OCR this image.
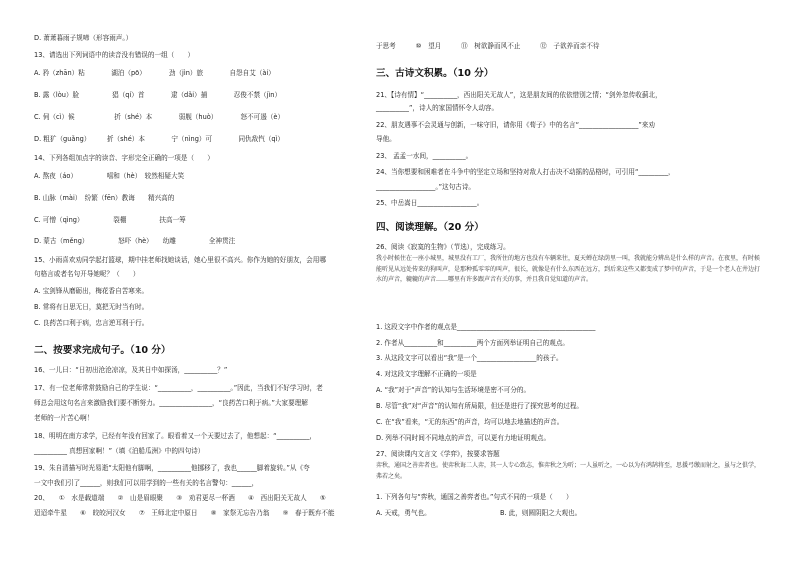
D. 萧萧暮雨子规啼（形容雨声。）
13、请选出下列词语中的读音没有错误的一组（　　）
A. 矜（zhān）粘　　　　湖泊（pō）　　　　劲（jìn）旅　　　　自怨自艾（ài）
B. 露（lòu）脸　　　　　猖（qí）首　　　　逮（dǎi）捕　　　　忍俊不禁（jìn）
C. 伺（cì）候　　　　　　折（shé）本　　　　弱舰（huò）　　　　怒不可遏（è）
D. 粗犷（guǎng）　　　折（shé）本　　　　宁（nìng）可　　　　同仇敌忾（qì）
14、下列各组加点字的读音、字形完全正确的一项是（　　）
A. 熬夜（áo）　　　　　嘻和（hè）　较然相疑大笑
B. 山脉（mài）　纷繁（fēn）教诲　　精兴高的
C. 可憎（qìng）　　　　　裂棚　　　　　扶高一筹
D. 蒙古（měng）　　　　　怒吓（hè）　　幼雕　　　　　全神贯注
15、小雨喜欢劝同学起打篮球，期中挂老师找她谈话，她心里很不高兴。你作为她的好朋友，会用哪
句格言或者名句开导她呢？（　　）
A. 宝剑锋从磨砺出，梅花香自苦寒来。
B. 常将有日思无日，莫把无时当有时。
C. 良药苦口利于病，忠言逆耳利于行。
二、按要求完成句子。（10 分）
16、一儿曰：“日初出沧沧凉凉，及其日中如探汤，__________？”
17、有一位老师常常鼓励自己的学生说：“__________，__________。”因此，当我们不好学习时，老
师总会用这句名言来激励我们要不断努力。________________，“良药苦口利于病。”大家要理解
老师的一片苦心啊！
18、明明在南方求学，已经有年没有回家了。眼看着又一个天要过去了，他想起：“__________，
__________ 真想回家啊！”（填《泊船瓜洲》中的四句诗）
19、朱自清描写时光易逝“太阳他有脚啊，__________他挪移了，我也______脚着旋转。”从《夸
一文中我们引了______，则我们可以用学到的一些有关的名言警句：______，
20、　　①　水是载道端　　②　山是眉眼聚　　③　劝君更尽一杯酒　　④　西出阳关无故人　　⑤
迢迢牵牛星　　⑥　皎皎河汉女　　⑦　王师北定中原日　　⑧　家祭无忘告乃翁　　⑨　春于既弃不能
于思考　　　⑩　望月　　　⑪　树欲静而风不止　　　⑫　子欲养而亲不待
三、古诗文积累。（10 分）
21、【诗有情】“__________，西出阳关无故人”，这是朋友间的依依惜别之情；“剑外忽传收蓟北，
__________”，诗人的家国情怀令人动容。
22、朋友遇事不会灵通与创新，一味守旧，请你用《荀子》中的名言“__________________”来劝
导他。
23、 孟孟一水间，__________。
24、当你想要和困难者在斗争中的坚定立场和坚持对敌人打击决不动摇的品格时，可引用“_________，
__________________。”这句古诗。
25、中岳嵩日__________________。
四、阅读理解。（20 分）
26、阅读《寂寞的生物》（节选），完成练习。
我小时候住在一座小城里，城里没有工厂，我所住的地方也没有车辆来往，夏天蝉在绿荫里一叫，我就能分辨出是什么样的声音。在夜里，有时候能听见从远处传来的狗叫声，是那种孤零零的叫声，很长，就像是有什么东西在远方，到后来这些又都变成了梦中的声音，于是一个老人在井边打水的声音，辘辘的声音……哪里有许多跟声音有关的事，并且我自觉知道的声音。
1. 这段文字中作者的观点是__________________________________________
2. 作者从__________和__________两个方面列举证明自己的观点。
3. 从这段文字可以看出“我”是一个__________________的孩子。
4. 对这段文字理解不正确的一项是
A. “我”对于“声音”的认知与生活环境是密不可分的。
B. 尽管“我”对“声音”的认知有所局限，但还是进行了探究思考的过程。
C. 在“我”看来，“无的东西”的声音，均可以地去地描述的声音。
D. 列举不同时间不同地点的声音，可以更有力地证明观点。
27、阅读课内文言文《学弈》，按要求答题
弈秋，通国之善弈者也。使弈秋诲二人弈，其一人专心致志，惟弈秋之为听；一人虽听之，一心以为有鸿鹄将至，思援弓缴而射之，虽与之俱学，弗若之矣。
1. 下列各句与“弈秋，通国之善弈者也。”句式不同的一项是（　　）
A. 天戒，勇气也。　　　　　　　　　　　B. 此，则圆阴阳之大观也。
